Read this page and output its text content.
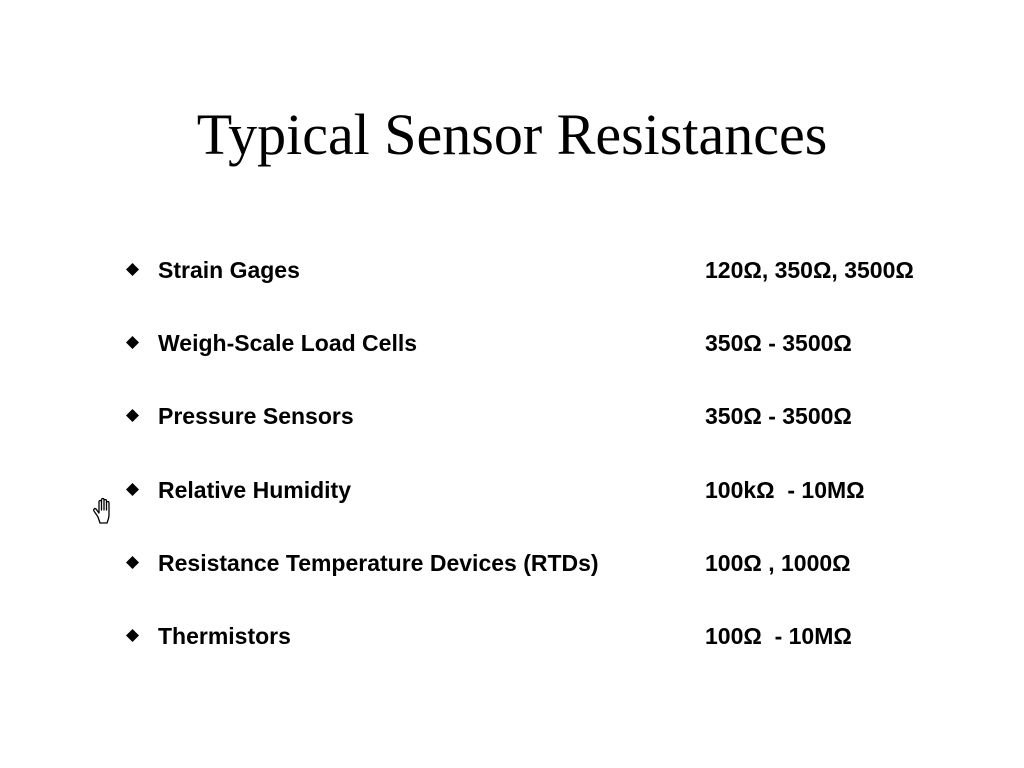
Typical Sensor Resistances
Strain Gages	120Ω, 350Ω, 3500Ω
Weigh-Scale Load Cells	350Ω - 3500Ω
Pressure Sensors	350Ω - 3500Ω
Relative Humidity	100kΩ  - 10MΩ
Resistance Temperature Devices (RTDs)	100Ω , 1000Ω
Thermistors	100Ω  - 10MΩ
